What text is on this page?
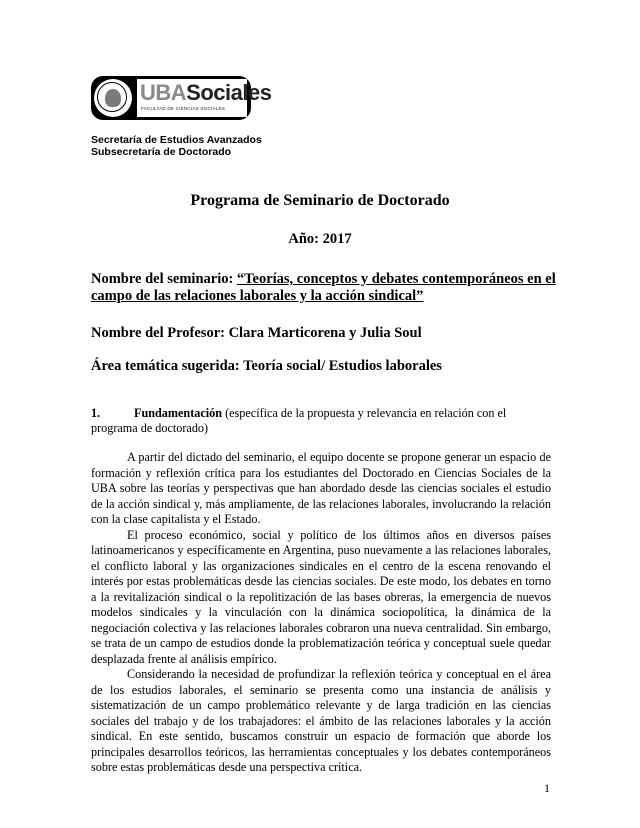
UBASociales
FACULTAD DE CIENCIAS SOCIALES
Secretaría de Estudios Avanzados
Subsecretaría de Doctorado
Programa de Seminario de Doctorado
Año: 2017
Nombre del seminario: “Teorías, conceptos y debates contemporáneos en el campo de las relaciones laborales y la acción sindical”
Nombre del Profesor: Clara Marticorena y Julia Soul
Área temática sugerida: Teoría social/ Estudios laborales
1.	Fundamentación (específica de la propuesta y relevancia en relación con el programa de doctorado)

A partir del dictado del seminario, el equipo docente se propone generar un espacio de formación y reflexión crítica para los estudiantes del Doctorado en Ciencias Sociales de la UBA sobre las teorías y perspectivas que han abordado desde las ciencias sociales el estudio de la acción sindical y, más ampliamente, de las relaciones laborales, involucrando la relación con la clase capitalista y el Estado.

El proceso económico, social y político de los últimos años en diversos países latinoamericanos y específicamente en Argentina, puso nuevamente a las relaciones laborales, el conflicto laboral y las organizaciones sindicales en el centro de la escena renovando el interés por estas problemáticas desde las ciencias sociales. De este modo, los debates en torno a la revitalización sindical o la repolitización de las bases obreras, la emergencia de nuevos modelos sindicales y la vinculación con la dinámica sociopolítica, la dinámica de la negociación colectiva y las relaciones laborales cobraron una nueva centralidad. Sin embargo, se trata de un campo de estudios donde la problematización teórica y conceptual suele quedar desplazada frente al análisis empírico.

Considerando la necesidad de profundizar la reflexión teórica y conceptual en el área de los estudios laborales, el seminario se presenta como una instancia de análisis y sistematización de un campo problemático relevante y de larga tradición en las ciencias sociales del trabajo y de los trabajadores: el ámbito de las relaciones laborales y la acción sindical. En este sentido, buscamos construir un espacio de formación que aborde los principales desarrollos teóricos, las herramientas conceptuales y los debates contemporáneos sobre estas problemáticas desde una perspectiva crítica.

1
